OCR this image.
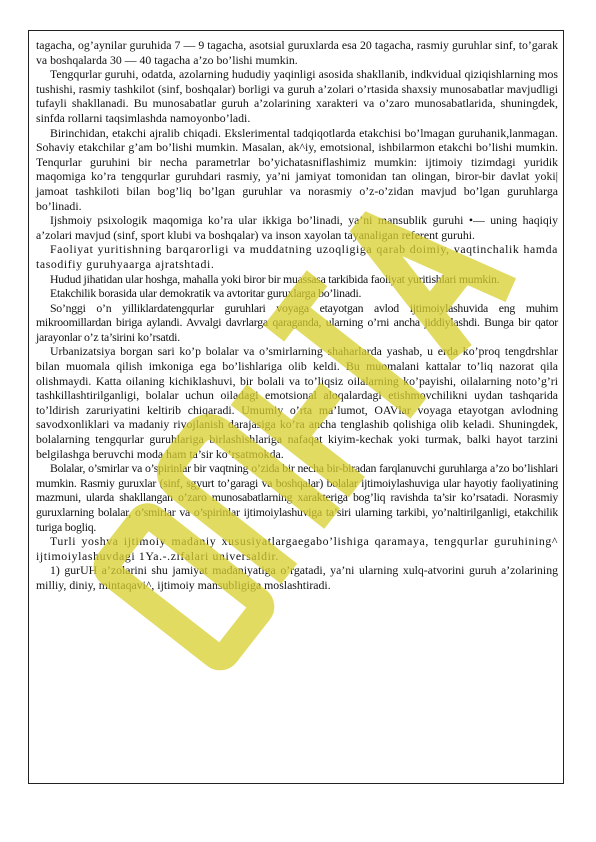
tagacha, og’aynilar guruhida 7 — 9 tagacha, asotsial guruxlarda esa 20 tagacha, rasmiy guruhlar sinf, to’garak va boshqalarda 30 — 40 tagacha a’zo bo’lishi mumkin.

Tengqurlar guruhi, odatda, azolarning hududiy yaqinligi asosida shakllanib, indkvidual qiziqishlarning mos tushishi, rasmiy tashkilot (sinf, boshqalar) borligi va guruh a’zolari o’rtasida shaxsiy munosabatlar mavjudligi tufayli shakllanadi. Bu munosabatlar guruh a’zolarining xarakteri va o’zaro munosabatlarida, shuningdek, sinfda rollarni taqsimlashda namoyonbo’ladi.

Birinchidan, etakchi ajralib chiqadi. Ekslerimental tadqiqotlarda etakchisi bo’lmagan guruhanik,lanmagan. Sohaviy etakchilar g’am bo’lishi mumkin. Masalan, ak^iy, emotsional, ishbilarmon etakchi bo’lishi mumkin. Tenqurlar guruhini bir necha parametrlar bo’yichatasniflashimiz mumkin: ijtimoiy tizimdagi yuridik maqomiga ko’ra tengqurlar guruhdari rasmiy, ya’ni jamiyat tomonidan tan olingan, biror-bir davlat yoki| jamoat tashkiloti bilan bog’liq bo’lgan guruhlar va norasmiy o’z-o’zidan mavjud bo’lgan guruhlarga bo’linadi.

Ijshmoiy psixologik maqomiga ko’ra ular ikkiga bo’linadi, ya’ni mansublik guruhi •— uning haqiqiy a’zolari mavjud (sinf, sport klubi va boshqalar) va inson xayolan tayanaligan referent guruhi.

Faoliyat yuritishning barqarorligi va muddatning uzoqligiga qarab doimiy, vaqtinchalik hamda tasodifiy guruhyaarga ajratshtadi.

Hudud jihatidan ular hoshga, mahalla yoki biror bir muassasa tarkibida faoliyat yuritishlari mumkin.

Etakchilik borasida ular demokratik va avtoritar guruxlarga bo’linadi.

So’nggi o’n yilliklardatengqurlar guruhlari voyaga etayotgan avlod ijtimoiylashuvida eng muhim mikroomillardan biriga aylandi. Avvalgi davrlarga qaraganda, ularning o’rni ancha jiddiylashdi. Bunga bir qator jarayonlar o’z ta’sirini ko’rsatdi.

Urbanizatsiya borgan sari ko’p bolalar va o’smirlarning shaharlarda yashab, u erda ko’proq tengdrshlar bilan muomala qilish imkoniga ega bo’lishlariga olib keldi. Bu muomalani kattalar to’liq nazorat qila olishmaydi. Katta oilaning kichiklashuvi, bir bolali va to’liqsiz oilalarning ko’payishi, oilalarning noto’g’ri tashkillashtirilganligi, bolalar uchun oiladagi emotsional aloqalardagi etishmovchilikni uydan tashqarida to’ldirish zaruriyatini keltirib chiqaradi. Umumiy o’rta ma’lumot, OAVlar voyaga etayotgan avlodning savodxonliklari va madaniy rivojlanish darajasiga ko’ra ancha tenglashib qolishiga olib keladi. Shuningdek, bolalarning tengqurlar guruhlariga birlashishlariga nafaqat kiyim-kechak yoki turmak, balki hayot tarzini belgilashga beruvchi moda ham ta’sir ko’rsatmokda.

Bolalar, o’smirlar va o’spirinlar bir vaqtning o’zida bir necha bir-biradan farqlanuvchi guruhlarga a’zo bo’lishlari mumkin. Rasmiy guruxlar (sinf, sgyurt to’garagi va boshqalar) bolalar ijtimoiylashuviga ular hayotiy faoliyatining mazmuni, ularda shakllangan o’zaro munosabatlarning xarakteriga bog’liq ravishda ta’sir ko’rsatadi. Norasmiy guruxlarning bolalar, o’smirlar va o’spirinlar ijtimoiylashuviga ta’siri ularning tarkibi, yo’naltirilganligi, etakchilik turiga bogliq.

Turli yoshva ijtimoiy madaniy xususiyatlargaegabo’lishiga qaramaya, tengqurlar guruhining^ ijtimoiylashuvdagi 1Ya.-.zifalari universaldir.

1) gurUH a’zolarini shu jamiyat madaniyatiga o’rgatadi, ya’ni ularning xulq-atvorini guruh a’zolarining milliy, diniy, mintaqavi^, ijtimoiy mansubligiga moslashtiradi.
